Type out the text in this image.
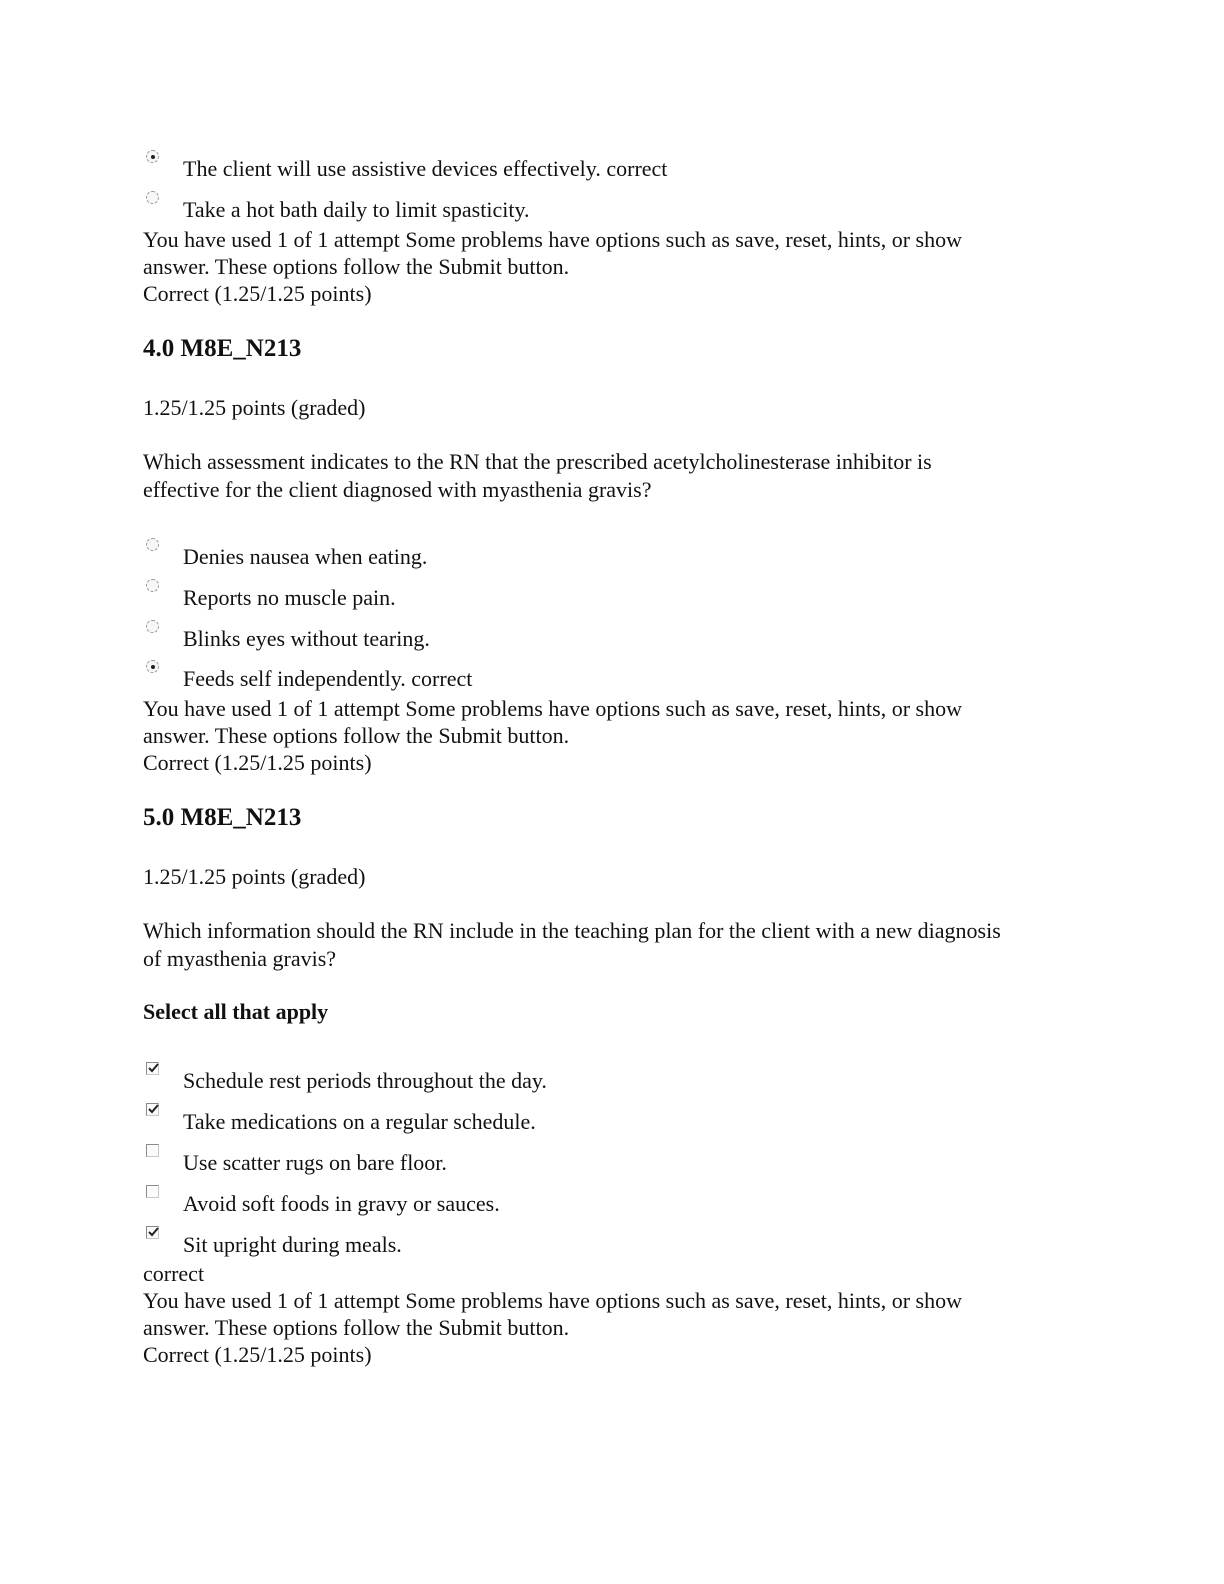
The client will use assistive devices effectively. correct
Take a hot bath daily to limit spasticity.
You have used 1 of 1 attempt Some problems have options such as save, reset, hints, or show
answer. These options follow the Submit button.
Correct (1.25/1.25 points)
4.0 M8E_N213
1.25/1.25 points (graded)
Which assessment indicates to the RN that the prescribed acetylcholinesterase inhibitor is
effective for the client diagnosed with myasthenia gravis?
Denies nausea when eating.
Reports no muscle pain.
Blinks eyes without tearing.
Feeds self independently. correct
You have used 1 of 1 attempt Some problems have options such as save, reset, hints, or show
answer. These options follow the Submit button.
Correct (1.25/1.25 points)
5.0 M8E_N213
1.25/1.25 points (graded)
Which information should the RN include in the teaching plan for the client with a new diagnosis
of myasthenia gravis?
Select all that apply
Schedule rest periods throughout the day.
Take medications on a regular schedule.
Use scatter rugs on bare floor.
Avoid soft foods in gravy or sauces.
Sit upright during meals.
correct
You have used 1 of 1 attempt Some problems have options such as save, reset, hints, or show
answer. These options follow the Submit button.
Correct (1.25/1.25 points)
